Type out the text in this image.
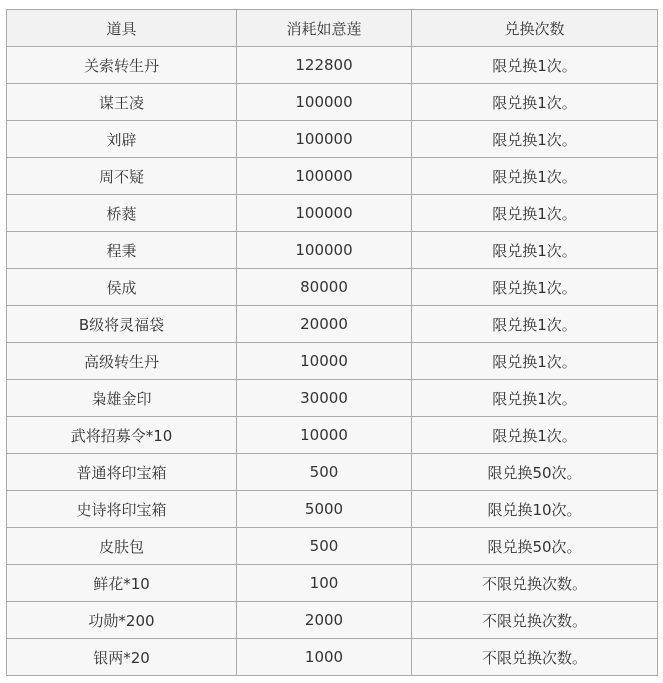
道具	消耗如意莲	兑换次数
关索转生丹	122800	限兑换1次。
谋王凌	100000	限兑换1次。
刘辟	100000	限兑换1次。
周不疑	100000	限兑换1次。
桥蕤	100000	限兑换1次。
程秉	100000	限兑换1次。
侯成	80000	限兑换1次。
B级将灵福袋	20000	限兑换1次。
高级转生丹	10000	限兑换1次。
枭雄金印	30000	限兑换1次。
武将招募令*10	10000	限兑换1次。
普通将印宝箱	500	限兑换50次。
史诗将印宝箱	5000	限兑换10次。
皮肤包	500	限兑换50次。
鲜花*10	100	不限兑换次数。
功勋*200	2000	不限兑换次数。
银两*20	1000	不限兑换次数。
